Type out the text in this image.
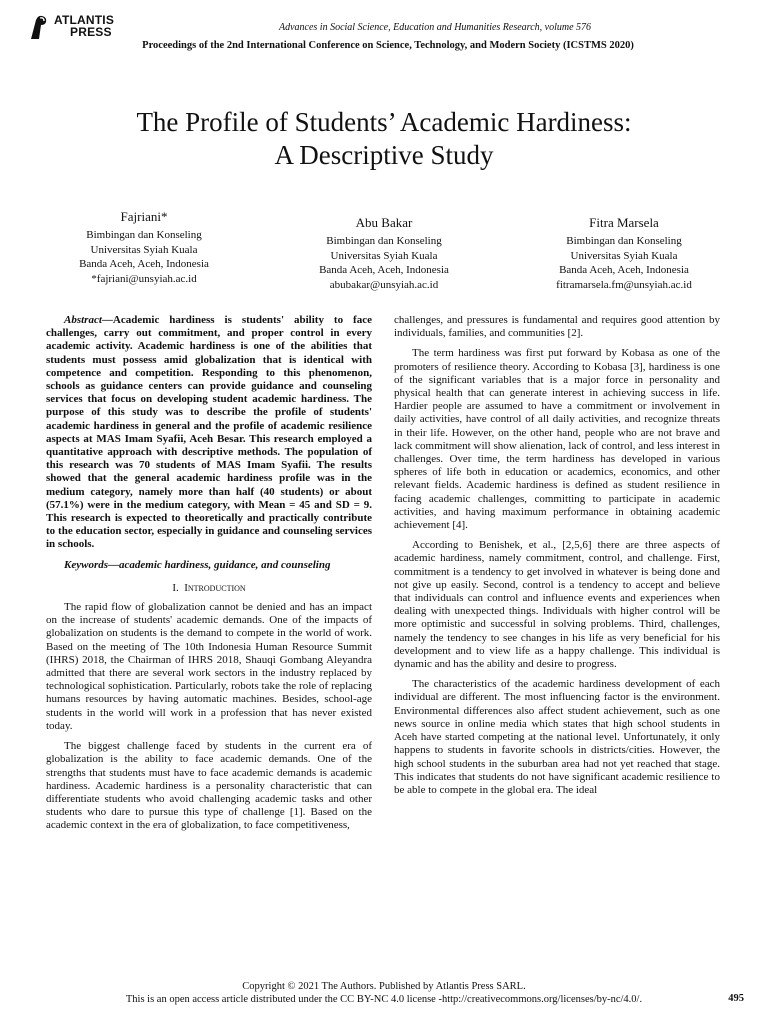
ATLANTIS
PRESS	Advances in Social Science, Education and Humanities Research, volume 576
Proceedings of the 2nd International Conference on Science, Technology, and Modern Society (ICSTMS 2020)
The Profile of Students’ Academic Hardiness:
A Descriptive Study
Fajriani*
Bimbingan dan Konseling
Universitas Syiah Kuala
Banda Aceh, Aceh, Indonesia
*fajriani@unsyiah.ac.id
Abu Bakar
Bimbingan dan Konseling
Universitas Syiah Kuala
Banda Aceh, Aceh, Indonesia
abubakar@unsyiah.ac.id
Fitra Marsela
Bimbingan dan Konseling
Universitas Syiah Kuala
Banda Aceh, Aceh, Indonesia
fitramarsela.fm@unsyiah.ac.id

Abstract—Academic hardiness is students' ability to face challenges, carry out commitment, and proper control in every academic activity. Academic hardiness is one of the abilities that students must possess amid globalization that is identical with competence and competition. Responding to this phenomenon, schools as guidance centers can provide guidance and counseling services that focus on developing student academic hardiness. The purpose of this study was to describe the profile of students' academic hardiness in general and the profile of academic resilience aspects at MAS Imam Syafii, Aceh Besar. This research employed a quantitative approach with descriptive methods. The population of this research was 70 students of MAS Imam Syafii. The results showed that the general academic hardiness profile was in the medium category, namely more than half (40 students) or about (57.1%) were in the medium category, with Mean = 45 and SD = 9. This research is expected to theoretically and practically contribute to the education sector, especially in guidance and counseling services in schools.

Keywords—academic hardiness, guidance, and counseling

I. Introduction

The rapid flow of globalization cannot be denied and has an impact on the increase of students' academic demands. One of the impacts of globalization on students is the demand to compete in the world of work. Based on the meeting of The 10th Indonesia Human Resource Summit (IHRS) 2018, the Chairman of IHRS 2018, Shauqi Gombang Aleyandra admitted that there are several work sectors in the industry replaced by technological sophistication. Particularly, robots take the role of replacing humans resources by having automatic machines. Besides, school-age students in the world will work in a profession that has never existed today.

The biggest challenge faced by students in the current era of globalization is the ability to face academic demands. One of the strengths that students must have to face academic demands is academic hardiness. Academic hardiness is a personality characteristic that can differentiate students who avoid challenging academic tasks and other students who dare to pursue this type of challenge [1]. Based on the academic context in the era of globalization, to face competitiveness,

challenges, and pressures is fundamental and requires good attention by individuals, families, and communities [2].

The term hardiness was first put forward by Kobasa as one of the promoters of resilience theory. According to Kobasa [3], hardiness is one of the significant variables that is a major force in personality and physical health that can generate interest in achieving success in life. Hardier people are assumed to have a commitment or involvement in daily activities, have control of all daily activities, and recognize threats in their life. However, on the other hand, people who are not brave and lack commitment will show alienation, lack of control, and less interest in challenges. Over time, the term hardiness has developed in various spheres of life both in education or academics, economics, and other relevant fields. Academic hardiness is defined as student resilience in facing academic challenges, committing to participate in academic activities, and having maximum performance in obtaining academic achievement [4].

According to Benishek, et al., [2,5,6] there are three aspects of academic hardiness, namely commitment, control, and challenge. First, commitment is a tendency to get involved in whatever is being done and not give up easily. Second, control is a tendency to accept and believe that individuals can control and influence events and experiences when dealing with unexpected things. Individuals with higher control will be more optimistic and successful in solving problems. Third, challenges, namely the tendency to see changes in his life as very beneficial for his development and to view life as a happy challenge. This individual is dynamic and has the ability and desire to progress.

The characteristics of the academic hardiness development of each individual are different. The most influencing factor is the environment. Environmental differences also affect student achievement, such as one news source in online media which states that high school students in Aceh have started competing at the national level. Unfortunately, it only happens to students in favorite schools in districts/cities. However, the high school students in the suburban area had not yet reached that stage. This indicates that students do not have significant academic resilience to be able to compete in the global era. The ideal

Copyright © 2021 The Authors. Published by Atlantis Press SARL.
This is an open access article distributed under the CC BY-NC 4.0 license -http://creativecommons.org/licenses/by-nc/4.0/.	495
